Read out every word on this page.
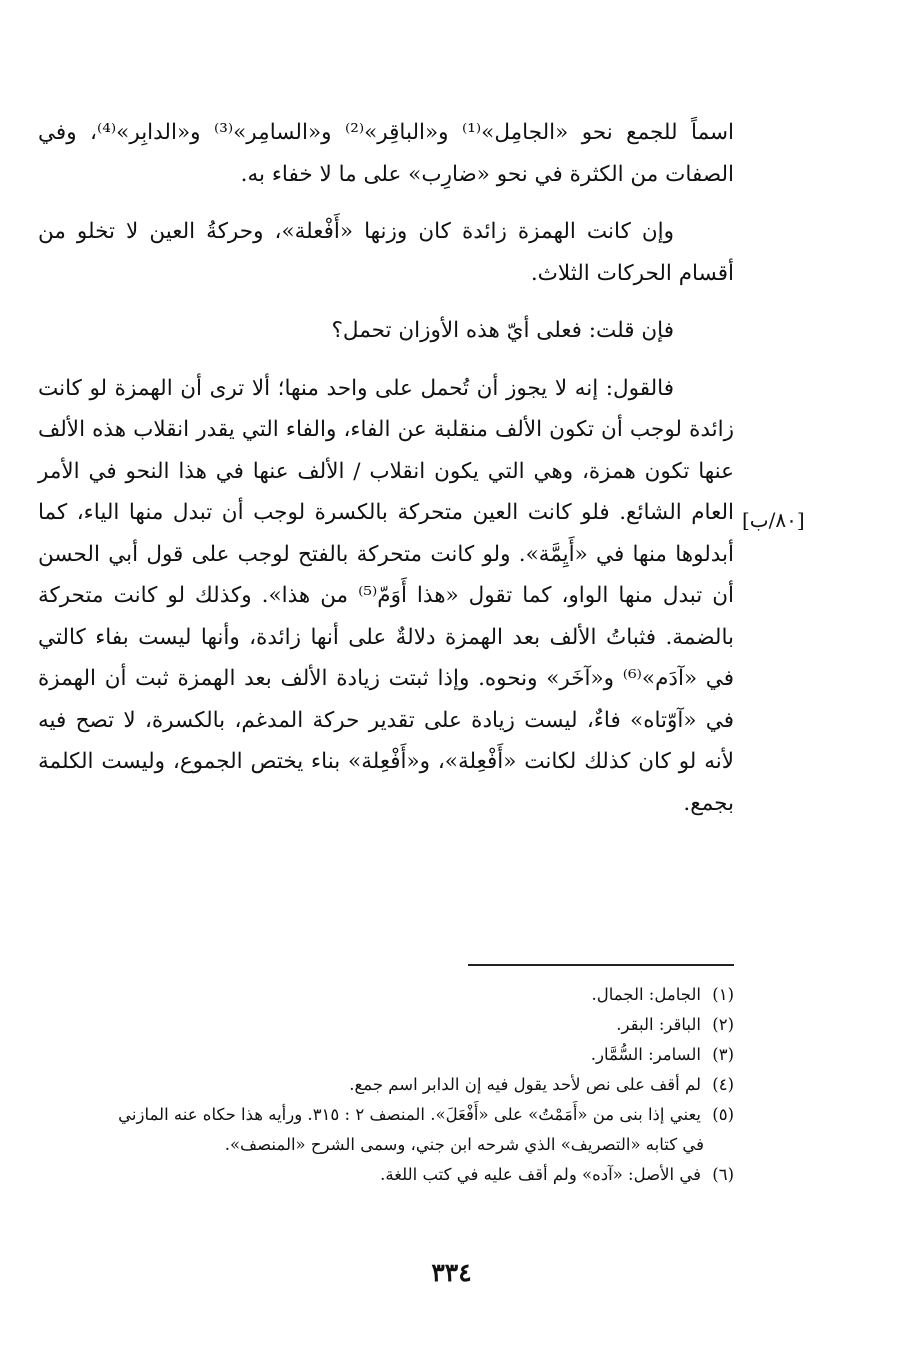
اسماً للجمع نحو «الجامِل»⁽¹⁾ و«الباقِر»⁽²⁾ و«السامِر»⁽³⁾ و«الدابِر»⁽⁴⁾، وفي الصفات من الكثرة في نحو «ضارِب» على ما لا خفاء به.

وإن كانت الهمزة زائدة كان وزنها «أَفْعلة»، وحركةُ العين لا تخلو من أقسام الحركات الثلاث.

فإن قلت: فعلى أيّ هذه الأوزان تحمل؟

فالقول: إنه لا يجوز أن تُحمل على واحد منها؛ ألا ترى أن الهمزة لو كانت زائدة لوجب أن تكون الألف منقلبة عن الفاء، والفاء التي يقدر انقلاب هذه الألف عنها تكون همزة، وهي التي يكون انقلاب / الألف عنها في هذا النحو في الأمر العام الشائع. فلو كانت العين متحركة بالكسرة لوجب أن تبدل منها الياء، كما أبدلوها منها في «أَيِمَّة». ولو كانت متحركة بالفتح لوجب على قول أبي الحسن أن تبدل منها الواو، كما تقول «هذا أَوَمّ⁽⁵⁾ من هذا». وكذلك لو كانت متحركة بالضمة. فثباتُ الألف بعد الهمزة دلالةٌ على أنها زائدة، وأنها ليست بفاء كالتي في «آدَم»⁽⁶⁾ و«آخَر» ونحوه. وإذا ثبتت زيادة الألف بعد الهمزة ثبت أن الهمزة في «آوّتاه» فاءٌ، ليست زيادة على تقدير حركة المدغم، بالكسرة، لا تصح فيه لأنه لو كان كذلك لكانت «أَفْعِلة»، و«أَفْعِلة» بناء يختص الجموع، وليست الكلمة بجمع.

[٨٠/ب]

(١) الجامل: الجمال.

(٢) الباقر: البقر.

(٣) السامر: السُّمَّار.

(٤) لم أقف على نص لأحد يقول فيه إن الدابر اسم جمع.

(٥) يعني إذا بنى من «أَمَمْتُ» على «أَفْعَلَ». المنصف ٢ : ٣١٥. ورأيه هذا حكاه عنه المازني

في كتابه «التصريف» الذي شرحه ابن جني، وسمى الشرح «المنصف».

(٦) في الأصل: «آده» ولم أقف عليه في كتب اللغة.

٣٣٤
